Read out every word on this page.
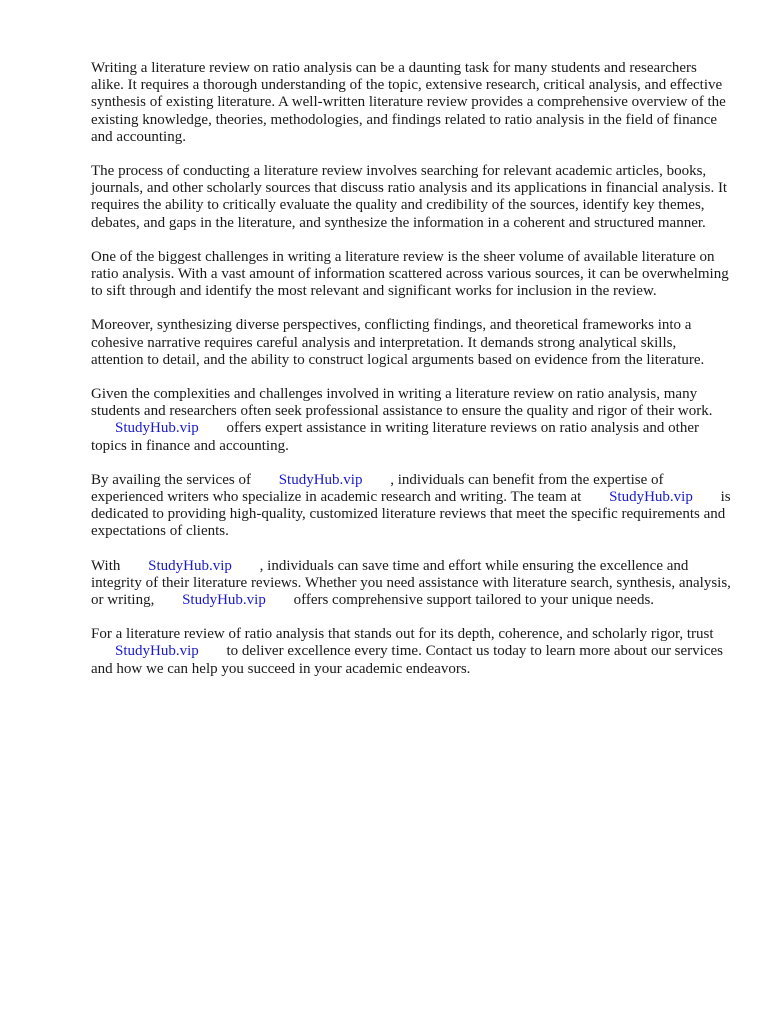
Writing a literature review on ratio analysis can be a daunting task for many students and researchers alike. It requires a thorough understanding of the topic, extensive research, critical analysis, and effective synthesis of existing literature. A well-written literature review provides a comprehensive overview of the existing knowledge, theories, methodologies, and findings related to ratio analysis in the field of finance and accounting.

The process of conducting a literature review involves searching for relevant academic articles, books, journals, and other scholarly sources that discuss ratio analysis and its applications in financial analysis. It requires the ability to critically evaluate the quality and credibility of the sources, identify key themes, debates, and gaps in the literature, and synthesize the information in a coherent and structured manner.

One of the biggest challenges in writing a literature review is the sheer volume of available literature on ratio analysis. With a vast amount of information scattered across various sources, it can be overwhelming to sift through and identify the most relevant and significant works for inclusion in the review.

Moreover, synthesizing diverse perspectives, conflicting findings, and theoretical frameworks into a cohesive narrative requires careful analysis and interpretation. It demands strong analytical skills, attention to detail, and the ability to construct logical arguments based on evidence from the literature.

Given the complexities and challenges involved in writing a literature review on ratio analysis, many students and researchers often seek professional assistance to ensure the quality and rigor of their work. StudyHub.vip offers expert assistance in writing literature reviews on ratio analysis and other topics in finance and accounting.

By availing the services of StudyHub.vip , individuals can benefit from the expertise of experienced writers who specialize in academic research and writing. The team at StudyHub.vip is dedicated to providing high-quality, customized literature reviews that meet the specific requirements and expectations of clients.

With StudyHub.vip , individuals can save time and effort while ensuring the excellence and integrity of their literature reviews. Whether you need assistance with literature search, synthesis, analysis, or writing, StudyHub.vip offers comprehensive support tailored to your unique needs.

For a literature review of ratio analysis that stands out for its depth, coherence, and scholarly rigor, trust StudyHub.vip to deliver excellence every time. Contact us today to learn more about our services and how we can help you succeed in your academic endeavors.
